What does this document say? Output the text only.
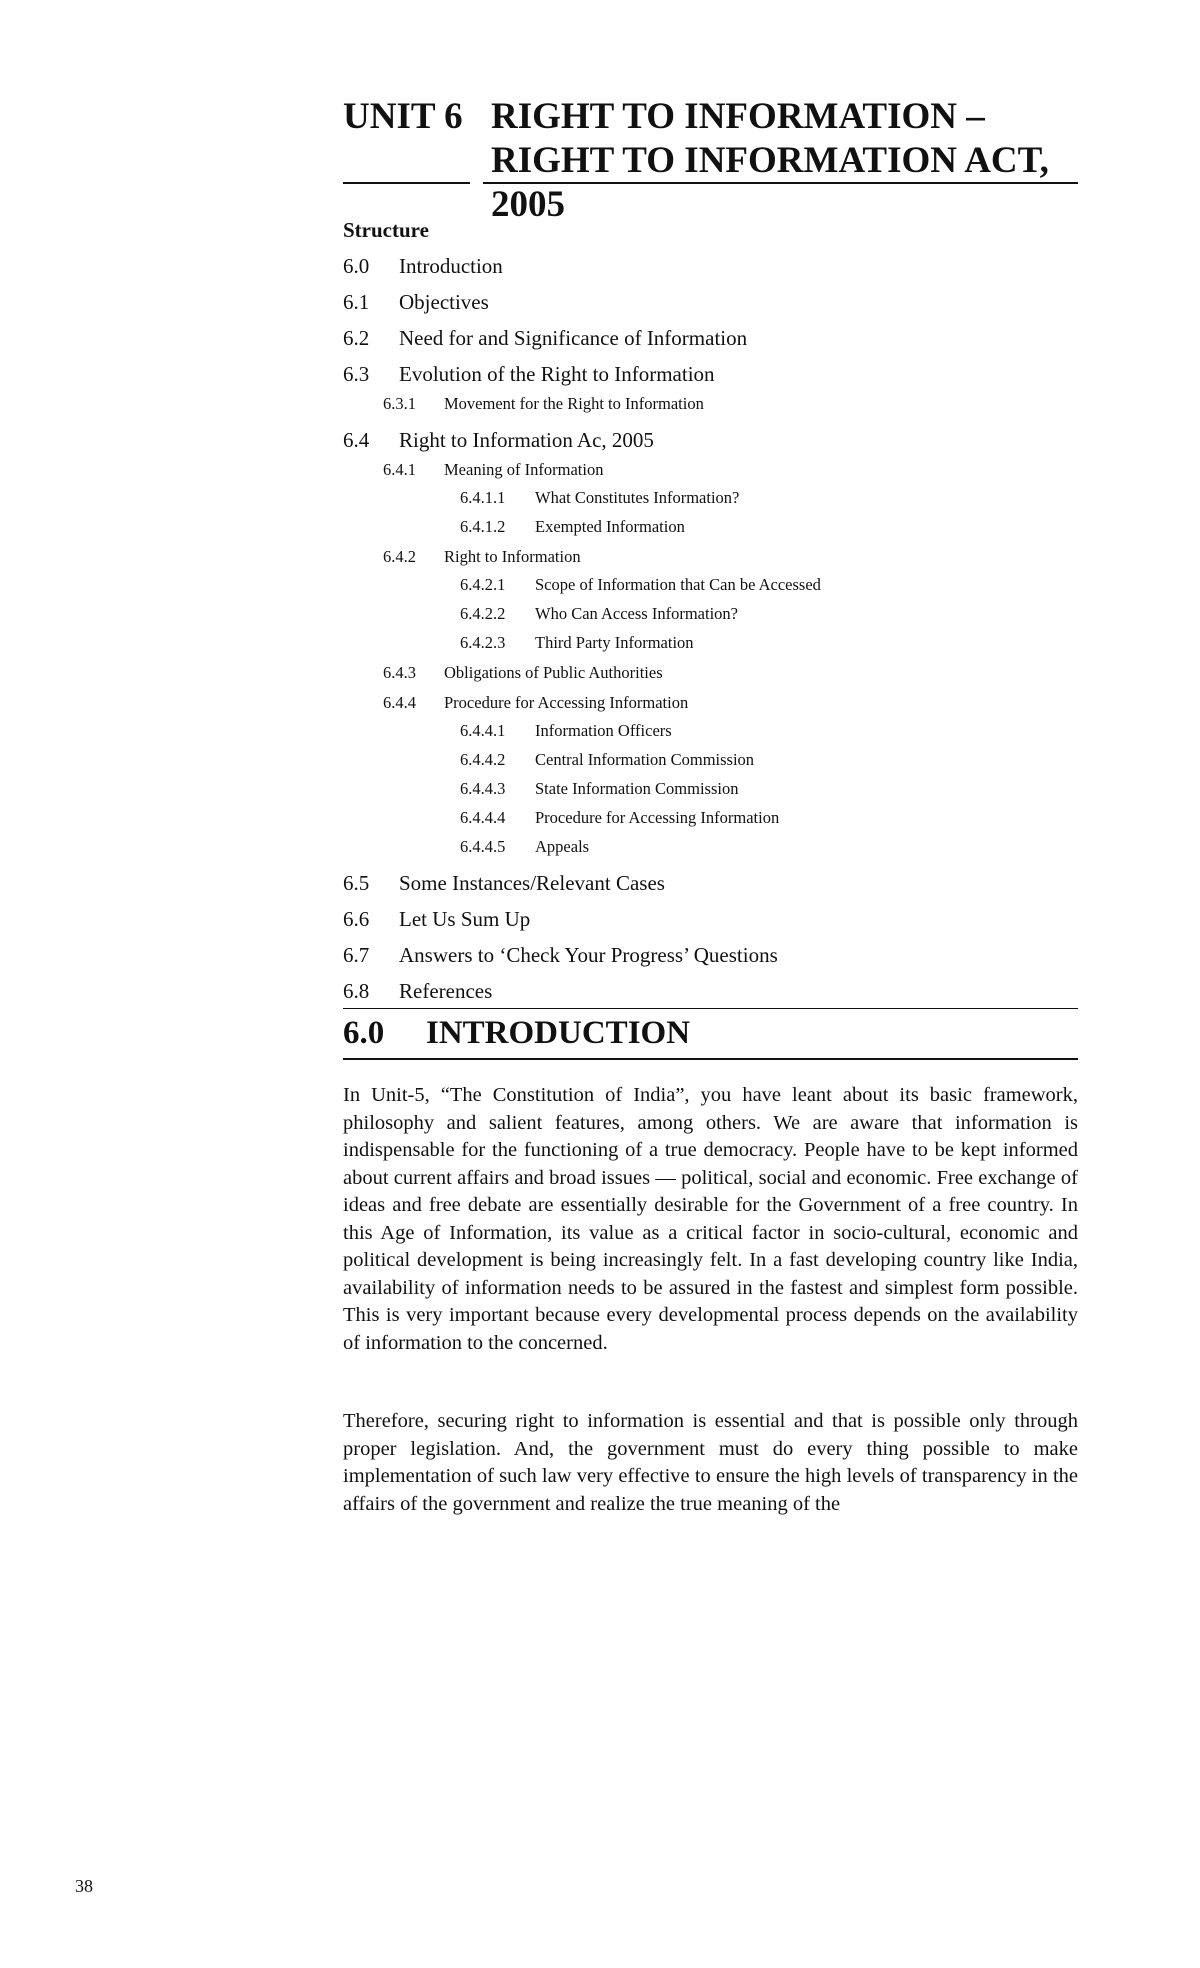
UNIT 6 RIGHT TO INFORMATION – RIGHT TO INFORMATION ACT, 2005
Structure
6.0 Introduction
6.1 Objectives
6.2 Need for and Significance of Information
6.3 Evolution of the Right to Information
6.3.1 Movement for the Right to Information
6.4 Right to Information Ac, 2005
6.4.1 Meaning of Information
6.4.1.1 What Constitutes Information?
6.4.1.2 Exempted Information
6.4.2 Right to Information
6.4.2.1 Scope of Information that Can be Accessed
6.4.2.2 Who Can Access Information?
6.4.2.3 Third Party Information
6.4.3 Obligations of Public Authorities
6.4.4 Procedure for Accessing Information
6.4.4.1 Information Officers
6.4.4.2 Central Information Commission
6.4.4.3 State Information Commission
6.4.4.4 Procedure for Accessing Information
6.4.4.5 Appeals
6.5 Some Instances/Relevant Cases
6.6 Let Us Sum Up
6.7 Answers to ‘Check Your Progress’ Questions
6.8 References
6.0 INTRODUCTION

In Unit-5, “The Constitution of India”, you have leant about its basic framework, philosophy and salient features, among others. We are aware that information is indispensable for the functioning of a true democracy. People have to be kept informed about current affairs and broad issues — political, social and economic. Free exchange of ideas and free debate are essentially desirable for the Government of a free country. In this Age of Information, its value as a critical factor in socio-cultural, economic and political development is being increasingly felt. In a fast developing country like India, availability of information needs to be assured in the fastest and simplest form possible. This is very important because every developmental process depends on the availability of information to the concerned.

Therefore, securing right to information is essential and that is possible only through proper legislation. And, the government must do every thing possible to make implementation of such law very effective to ensure the high levels of transparency in the affairs of the government and realize the true meaning of the

38
